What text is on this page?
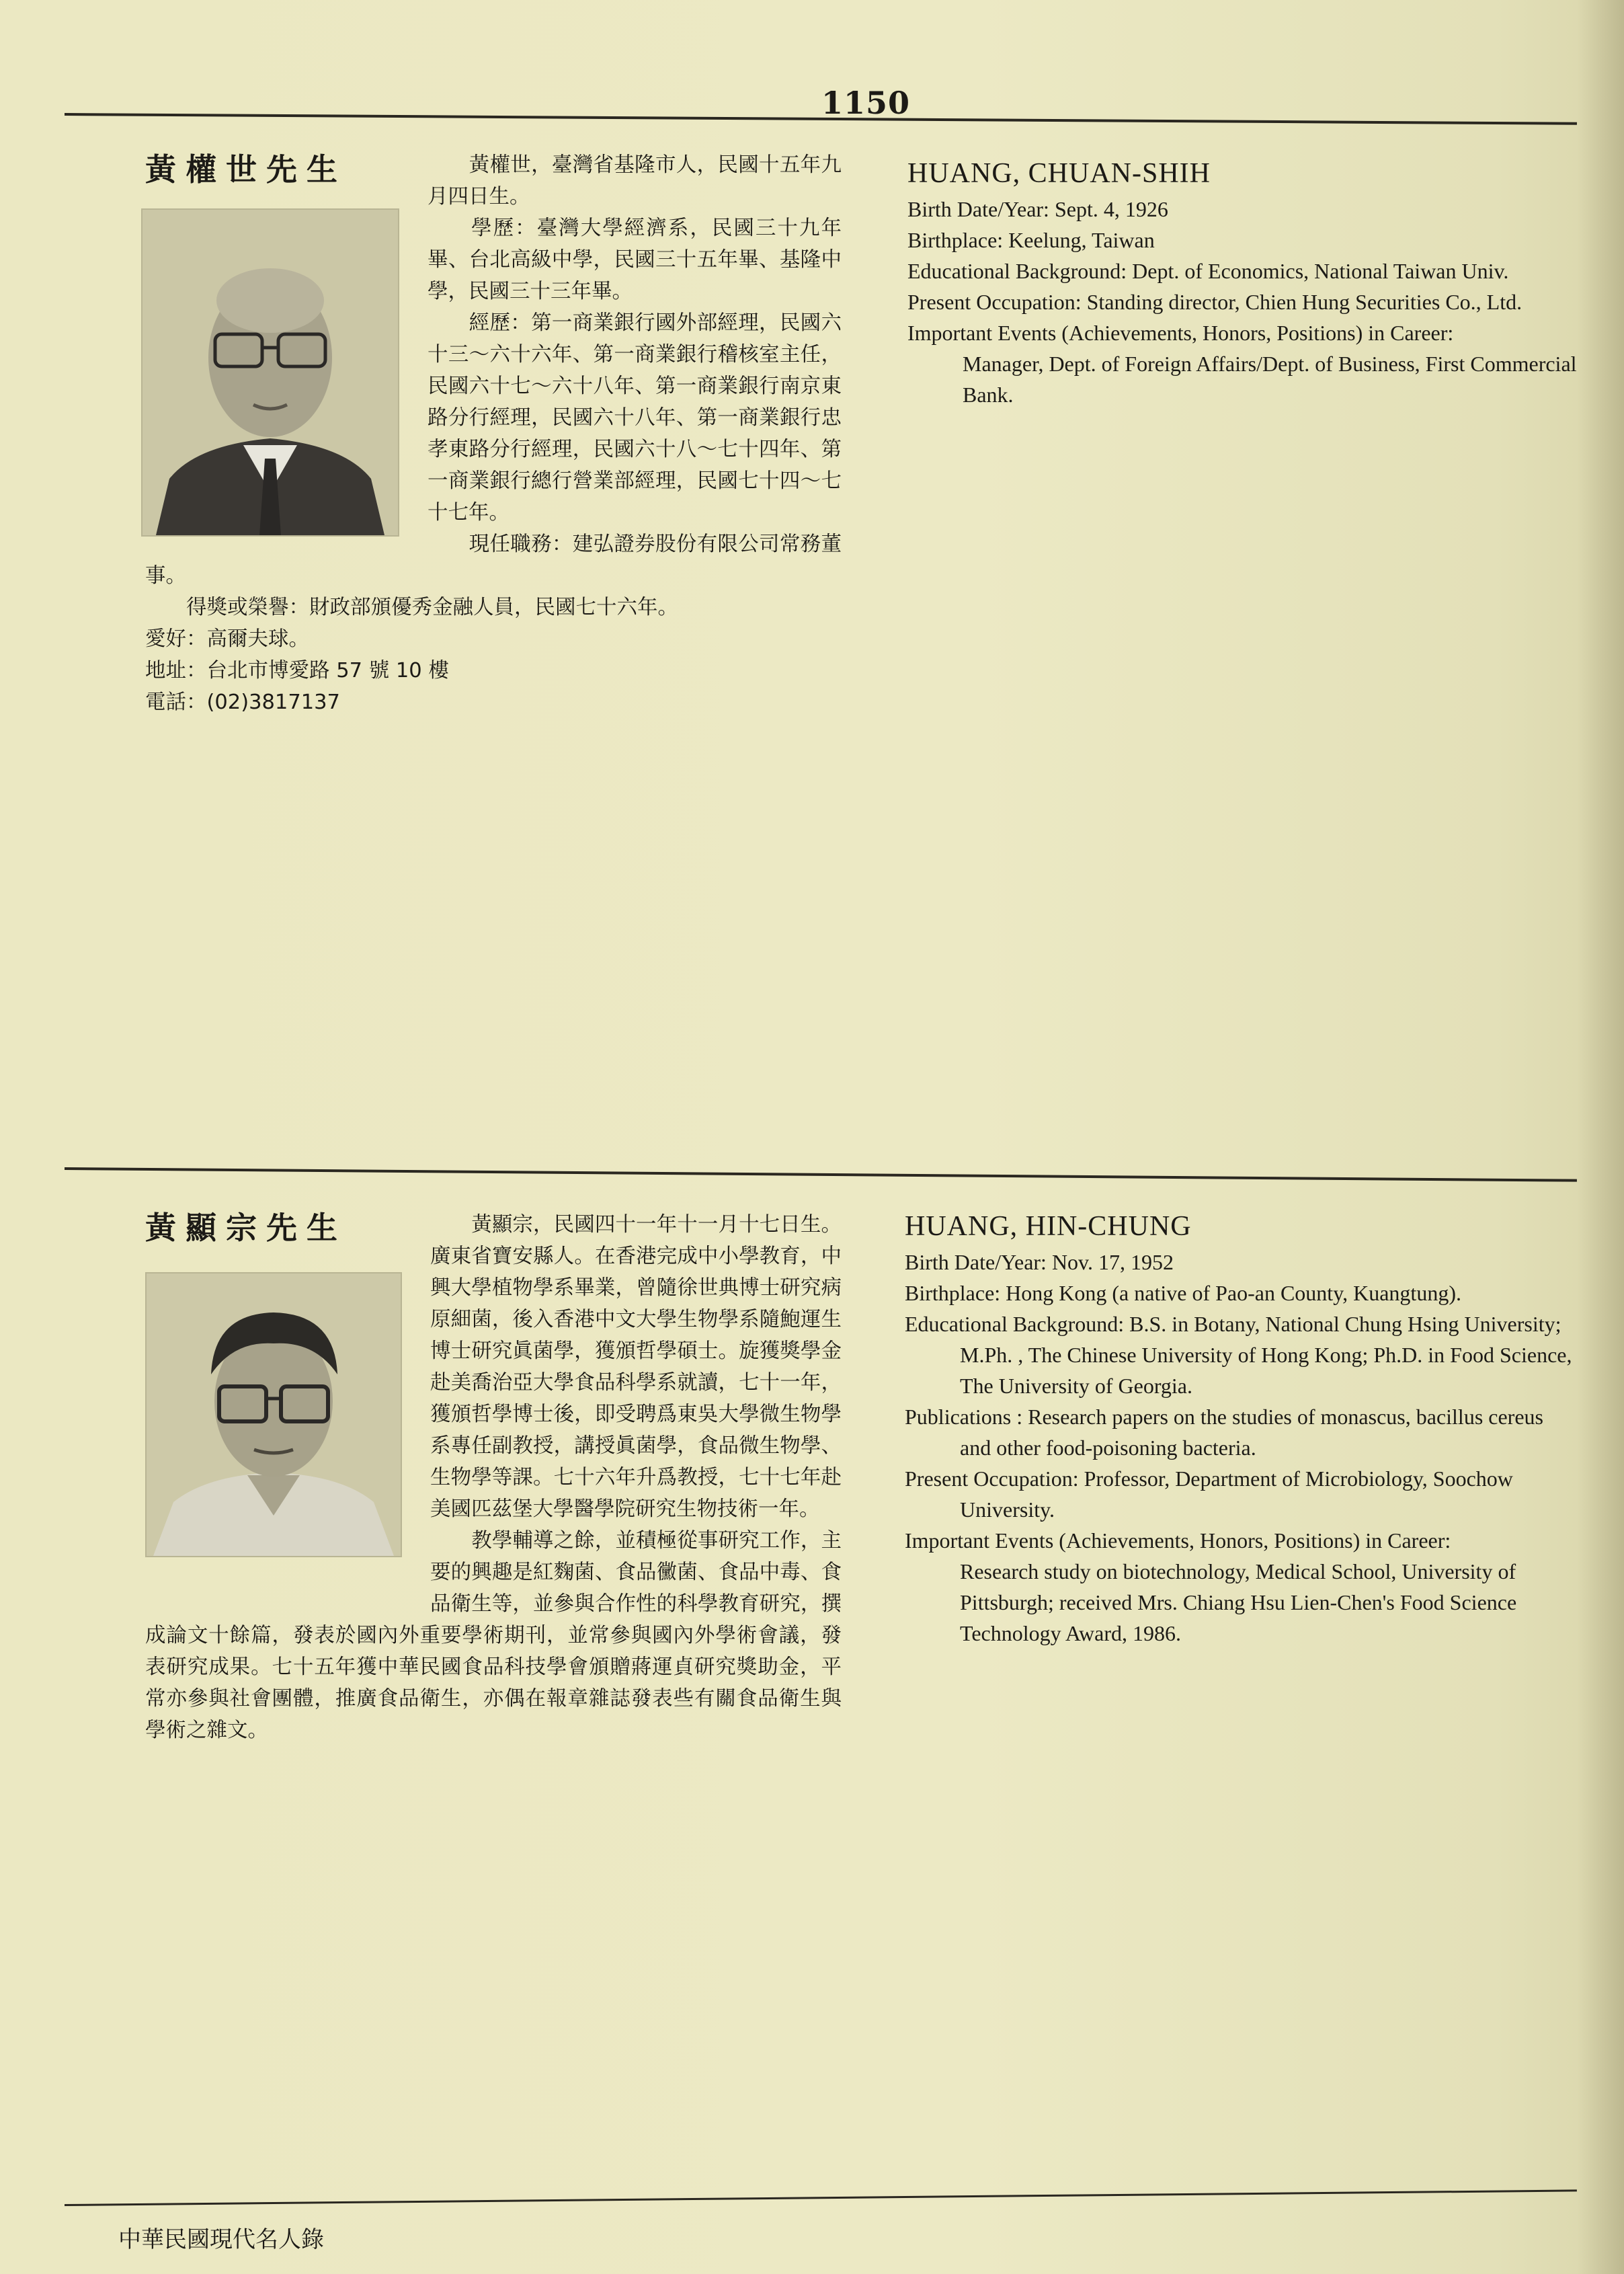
1150
黃權世先生	　　黃權世，臺灣省基隆市人，民國十五年九月四日生。

　　學歷：臺灣大學經濟系，民國三十九年畢、台北高級中學，民國三十五年畢、基隆中學，民國三十三年畢。

　　經歷：第一商業銀行國外部經理，民國六十三～六十六年、第一商業銀行稽核室主任，民國六十七～六十八年、第一商業銀行南京東路分行經理，民國六十八年、第一商業銀行忠孝東路分行經理，民國六十八～七十四年、第一商業銀行總行營業部經理，民國七十四～七十七年。

　　現任職務：建弘證券股份有限公司常務董事。

　　得獎或榮譽：財政部頒優秀金融人員，民國七十六年。

愛好：高爾夫球。

地址：台北市博愛路 57 號 10 樓

電話：(02)3817137

HUANG, CHUAN-SHIH

Birth Date/Year: Sept. 4, 1926

Birthplace: Keelung, Taiwan

Educational Background: Dept. of Economics, National Taiwan Univ.

Present Occupation: Standing director, Chien Hung Securities Co., Ltd.

Important Events (Achievements, Honors, Positions) in Career:

Manager, Dept. of Foreign Affairs/Dept. of Business, First Commercial Bank.

黃顯宗先生	　　黃顯宗，民國四十一年十一月十七日生。廣東省寶安縣人。在香港完成中小學教育，中興大學植物學系畢業，曾隨徐世典博士研究病原細菌，後入香港中文大學生物學系隨鮑運生博士研究眞菌學，獲頒哲學碩士。旋獲獎學金赴美喬治亞大學食品科學系就讀，七十一年，獲頒哲學博士後，即受聘爲東吳大學微生物學系專任副教授，講授眞菌學，食品微生物學、生物學等課。七十六年升爲教授，七十七年赴美國匹茲堡大學醫學院研究生物技術一年。

　　教學輔導之餘，並積極從事研究工作，主要的興趣是紅麴菌、食品黴菌、食品中毒、食品衛生等，並參與合作性的科學教育研究，撰成論文十餘篇，發表於國內外重要學術期刊，並常參與國內外學術會議，發表研究成果。七十五年獲中華民國食品科技學會頒贈蔣運貞研究獎助金，平常亦參與社會團體，推廣食品衛生，亦偶在報章雜誌發表些有關食品衛生與學術之雜文。

HUANG, HIN-CHUNG

Birth Date/Year: Nov. 17, 1952

Birthplace: Hong Kong (a native of Pao-an County, Kuangtung).

Educational Background: B.S. in Botany, National Chung Hsing University; M.Ph. , The Chinese University of Hong Kong; Ph.D. in Food Science, The University of Georgia.

Publications : Research papers on the studies of monascus, bacillus cereus and other food-poisoning bacteria.

Present Occupation: Professor, Department of Microbiology, Soochow University.

Important Events (Achievements, Honors, Positions) in Career:

Research study on biotechnology, Medical School, University of Pittsburgh; received Mrs. Chiang Hsu Lien-Chen's Food Science Technology Award, 1986.

中華民國現代名人錄
